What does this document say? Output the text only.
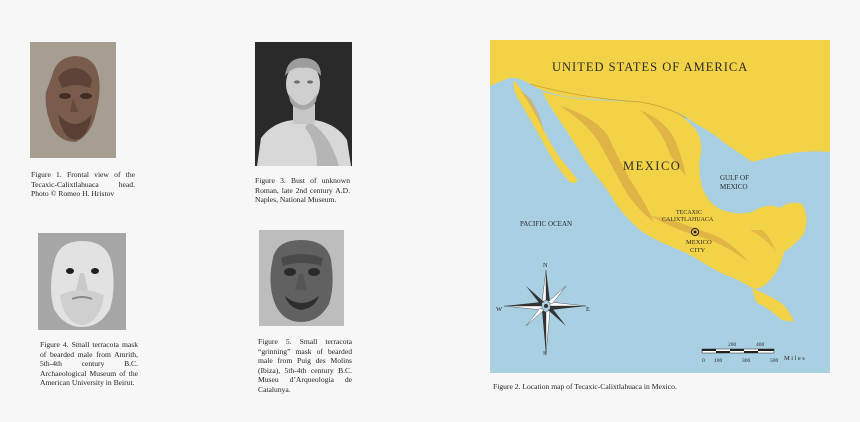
Figure 1. Frontal view of the Tecaxic-Calixtlahuaca head. Photo © Romeo H. Hristov
Figure 3. Bust of unknown Roman, late 2nd century A.D. Naples, National Museum.
Figure 4. Small terracota mask of bearded male from Amrith, 5th-4th century B.C. Archaeological Museum of the American University in Beirut.
Figure 5. Small terracota “grinning” mask of bearded male from Puig des Molins (Ibiza), 5th-4th century B.C. Museu d’Arqueologia de Catalunya.
UNITED STATES OF AMERICA
MEXICO
GULF OF
MEXICO
PACIFIC OCEAN
TECAXIC
CALIXTLAHUACA
MEXICO
CITY
N
S
E
W
200	400
0 100	300	500 Miles
Figure 2. Location map of Tecaxic-Calixtlahuaca in Mexico.
